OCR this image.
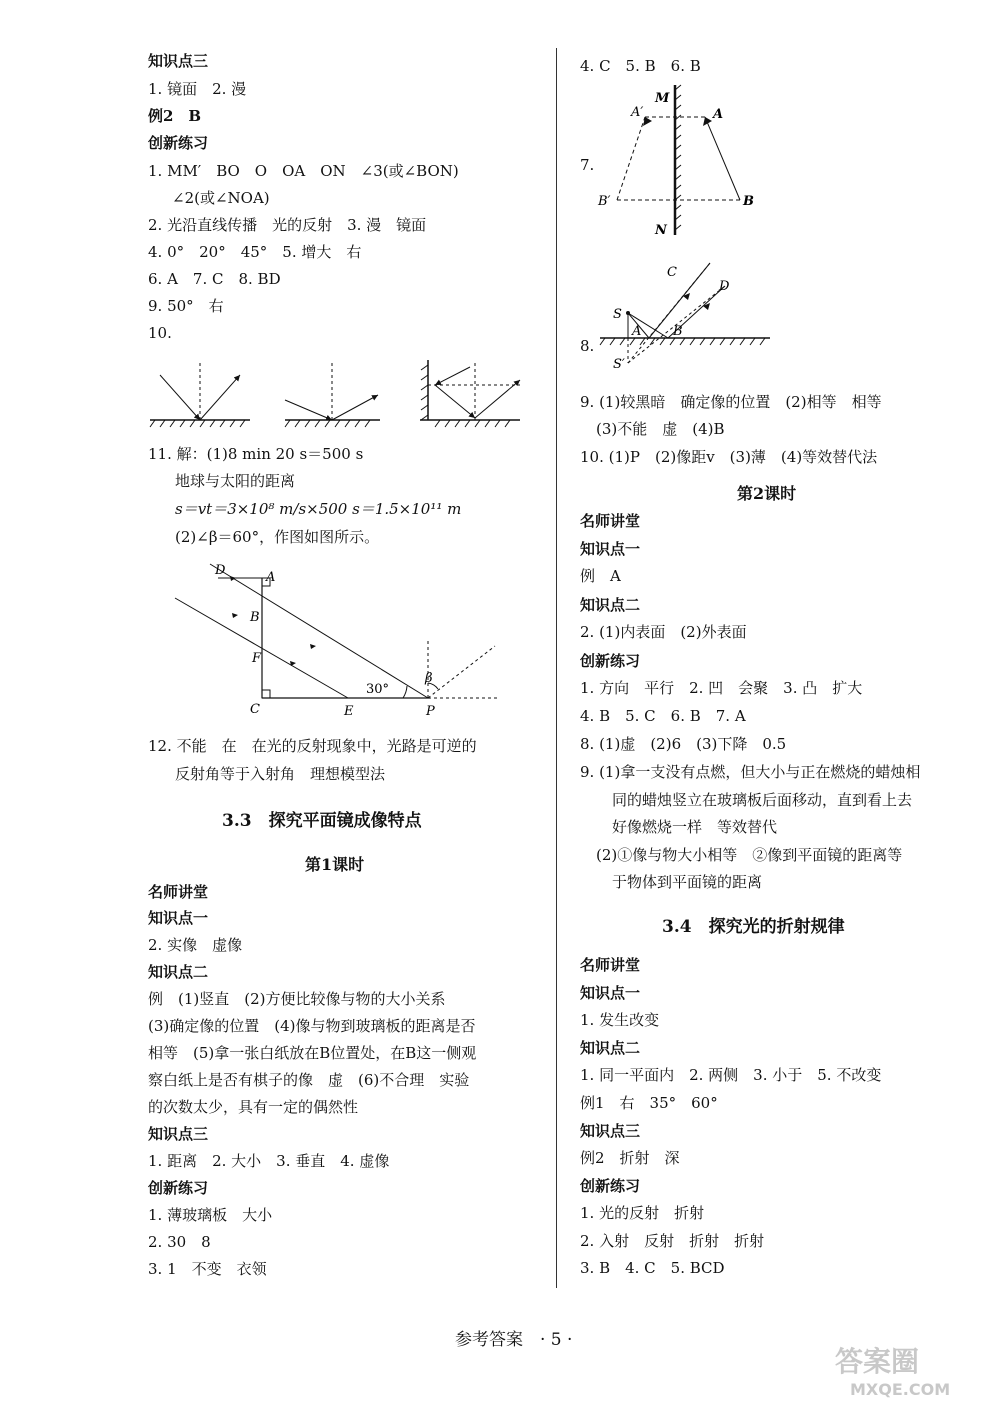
知识点三
1. 镜面　2. 漫
例2　B
创新练习
1. MM′　BO　O　OA　ON　∠3(或∠BON)
∠2(或∠NOA)
2. 光沿直线传播　光的反射　3. 漫　镜面
4. 0°　20°　45°　5. 增大　右
6. A　7. C　8. BD
9. 50°　右
10.
11. 解：(1)8 min 20 s＝500 s
地球与太阳的距离
s＝vt＝3×10⁸ m/s×500 s＝1.5×10¹¹ m
(2)∠β＝60°，作图如图所示。
D	A
B
F
C	E	P
30°
β
12. 不能　在　在光的反射现象中，光路是可逆的
反射角等于入射角　理想模型法
3.3　探究平面镜成像特点
第1课时
名师讲堂
知识点一
2. 实像　虚像
知识点二
例　(1)竖直　(2)方便比较像与物的大小关系
(3)确定像的位置　(4)像与物到玻璃板的距离是否
相等　(5)拿一张白纸放在B位置处，在B这一侧观
察白纸上是否有棋子的像　虚　(6)不合理　实验
的次数太少，具有一定的偶然性
知识点三
1. 距离　2. 大小　3. 垂直　4. 虚像
创新练习
1. 薄玻璃板　大小
2. 30　8
3. 1　不变　衣领
4. C　5. B　6. B
M
A′	A
B′	B
N
7.
C
D
S
A B
S′
8.
9. (1)较黑暗　确定像的位置　(2)相等　相等
(3)不能　虚　(4)B
10. (1)P　(2)像距v　(3)薄　(4)等效替代法
第2课时
名师讲堂
知识点一
例　A
知识点二
2. (1)内表面　(2)外表面
创新练习
1. 方向　平行　2. 凹　会聚　3. 凸　扩大
4. B　5. C　6. B　7. A
8. (1)虚　(2)6　(3)下降　0.5
9. (1)拿一支没有点燃，但大小与正在燃烧的蜡烛相
同的蜡烛竖立在玻璃板后面移动，直到看上去
好像燃烧一样　等效替代
(2)①像与物大小相等　②像到平面镜的距离等
于物体到平面镜的距离
3.4　探究光的折射规律
名师讲堂
知识点一
1. 发生改变
知识点二
1. 同一平面内　2. 两侧　3. 小于　5. 不改变
例1　右　35°　60°
知识点三
例2　折射　深
创新练习
1. 光的反射　折射
2. 入射　反射　折射　折射
3. B　4. C　5. BCD
参考答案　· 5 ·
答案圈
MXQE.COM
